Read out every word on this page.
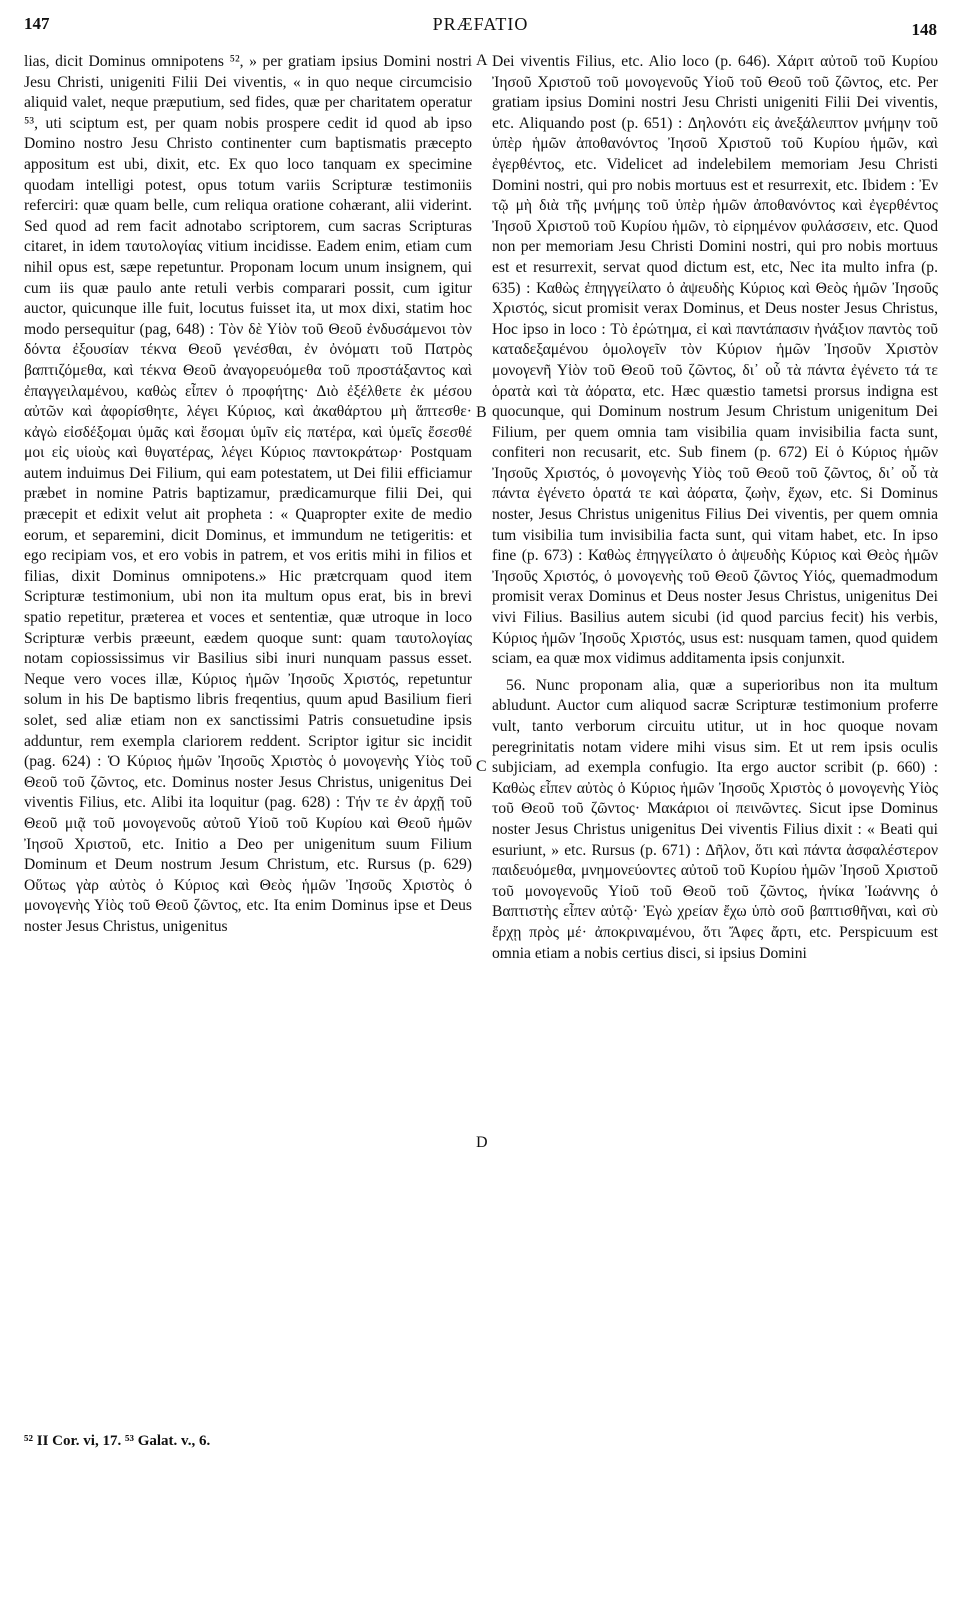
147	PRÆFATIO	148

lias, dicit Dominus omnipotens ⁵², » per gratiam ipsius Domini nostri Jesu Christi, unigeniti Filii Dei viventis, « in quo neque circumcisio aliquid valet, neque præputium, sed fides, quæ per charitatem operatur ⁵³, uti sciptum est, per quam nobis prospere cedit id quod ab ipso Domino nostro Jesu Christo continenter cum baptismatis præcepto appositum est ubi, dixit, etc. Ex quo loco tanquam ex specimine quodam intelligi potest, opus totum variis Scripturæ testimoniis referciri: quæ quam belle, cum reliqua oratione cohærant, alii viderint. Sed quod ad rem facit adnotabo scriptorem, cum sacras Scripturas citaret, in idem ταυτολογίας vitium incidisse. Eadem enim, etiam cum nihil opus est, sæpe repetuntur. Proponam locum unum insignem, qui cum iis quæ paulo ante retuli verbis comparari possit, cum igitur auctor, quicunque ille fuit, locutus fuisset ita, ut mox dixi, statim hoc modo persequitur (pag, 648) : Τὸν δὲ Υἱὸν τοῦ Θεοῦ ἐνδυσάμενοι τὸν δόντα ἐξουσίαν τέκνα Θεοῦ γενέσθαι, ἐν ὀνόματι τοῦ Πατρὸς βαπτιζόμεθα, καὶ τέκνα Θεοῦ ἀναγορευόμεθα τοῦ προστάξαντος καὶ ἐπαγγειλαμένου, καθὼς εἶπεν ὁ προφήτης· Διὸ ἐξέλθετε ἐκ μέσου αὐτῶν καὶ ἀφορίσθητε, λέγει Κύριος, καὶ ἀκαθάρτου μὴ ἅπτεσθε· κἀγὼ εἰσδέξομαι ὑμᾶς καὶ ἔσομαι ὑμῖν εἰς πατέρα, καὶ ὑμεῖς ἔσεσθέ μοι εἰς υἱοὺς καὶ θυγατέρας, λέγει Κύριος παντοκράτωρ· Postquam autem induimus Dei Filium, qui eam potestatem, ut Dei filii efficiamur præbet in nomine Patris baptizamur, prædicamurque filii Dei, qui præcepit et edixit velut ait propheta : « Quapropter exite de medio eorum, et separemini, dicit Dominus, et immundum ne tetigeritis: et ego recipiam vos, et ero vobis in patrem, et vos eritis mihi in filios et filias, dixit Dominus omnipotens.» Hic prætcrquam quod item Scripturæ testimonium, ubi non ita multum opus erat, bis in brevi spatio repetitur, præterea et voces et sententiæ, quæ utroque in loco Scripturæ verbis præeunt, eædem quoque sunt: quam ταυτολογίας notam copiossissimus vir Basilius sibi inuri nunquam passus esset. Neque vero voces illæ, Κύριος ἡμῶν Ἰησοῦς Χριστός, repetuntur solum in his De baptismo libris freqentius, quum apud Basilium fieri solet, sed aliæ etiam non ex sanctissimi Patris consuetudine ipsis adduntur, rem exempla clariorem reddent. Scriptor igitur sic incidit (pag. 624) : Ὁ Κύριος ἡμῶν Ἰησοῦς Χριστὸς ὁ μονογενὴς Υἱὸς τοῦ Θεοῦ τοῦ ζῶντος, etc. Dominus noster Jesus Christus, unigenitus Dei viventis Filius, etc. Alibi ita loquitur (pag. 628) : Τήν τε ἐν ἀρχῇ τοῦ Θεοῦ μιᾷ τοῦ μονογενοῦς αὐτοῦ Υἱοῦ τοῦ Κυρίου καὶ Θεοῦ ἡμῶν Ἰησοῦ Χριστοῦ, etc. Initio a Deo per unigenitum suum Filium Dominum et Deum nostrum Jesum Christum, etc. Rursus (p. 629) Οὕτως γὰρ αὐτὸς ὁ Κύριος καὶ Θεὸς ἡμῶν Ἰησοῦς Χριστὸς ὁ μονογενὴς Υἱὸς τοῦ Θεοῦ ζῶντος, etc. Ita enim Dominus ipse et Deus noster Jesus Christus, unigenitus

A
B
C
D

Dei viventis Filius, etc. Alio loco (p. 646). Χάριτ αὐτοῦ τοῦ Κυρίου Ἰησοῦ Χριστοῦ τοῦ μονογενοῦς Υἱοῦ τοῦ Θεοῦ τοῦ ζῶντος, etc. Per gratiam ipsius Domini nostri Jesu Christi unigeniti Filii Dei viventis, etc. Aliquando post (p. 651) : Δηλονότι εἰς ἀνεξάλειπτον μνήμην τοῦ ὑπὲρ ἡμῶν ἀποθανόντος Ἰησοῦ Χριστοῦ τοῦ Κυρίου ἡμῶν, καὶ ἐγερθέντος, etc. Videlicet ad indelebilem memoriam Jesu Christi Domini nostri, qui pro nobis mortuus est et resurrexit, etc. Ibidem : Ἐν τῷ μὴ διὰ τῆς μνήμης τοῦ ὑπὲρ ἡμῶν ἀποθανόντος καὶ ἐγερθέντος Ἰησοῦ Χριστοῦ τοῦ Κυρίου ἡμῶν, τὸ εἰρημένον φυλάσσειν, etc. Quod non per memoriam Jesu Christi Domini nostri, qui pro nobis mortuus est et resurrexit, servat quod dictum est, etc, Nec ita multo infra (p. 635) : Καθὼς ἐπηγγείλατο ὁ ἀψευδὴς Κύριος καὶ Θεὸς ἡμῶν Ἰησοῦς Χριστός, sicut promisit verax Dominus, et Deus noster Jesus Christus, Hoc ipso in loco : Τὸ ἐρώτημα, εἰ καὶ παντάπασιν ἠνάξιον παντὸς τοῦ καταδεξαμένου ὁμολογεῖν τὸν Κύριον ἡμῶν Ἰησοῦν Χριστὸν μονογενῆ Υἱὸν τοῦ Θεοῦ τοῦ ζῶντος, δι᾽ οὗ τὰ πάντα ἐγένετο τά τε ὁρατὰ καὶ τὰ ἀόρατα, etc. Hæc quæstio tametsi prorsus indigna est quocunque, qui Dominum nostrum Jesum Christum unigenitum Dei Filium, per quem omnia tam visibilia quam invisibilia facta sunt, confiteri non recusarit, etc. Sub finem (p. 672) Εἰ ὁ Κύριος ἡμῶν Ἰησοῦς Χριστός, ὁ μονογενὴς Υἱὸς τοῦ Θεοῦ τοῦ ζῶντος, δι᾽ οὗ τὰ πάντα ἐγένετο ὁρατά τε καὶ ἀόρατα, ζωὴν, ἔχων, etc. Si Dominus noster, Jesus Christus unigenitus Filius Dei viventis, per quem omnia tum visibilia tum invisibilia facta sunt, qui vitam habet, etc. In ipso fine (p. 673) : Καθὼς ἐπηγγείλατο ὁ ἀψευδὴς Κύριος καὶ Θεὸς ἡμῶν Ἰησοῦς Χριστός, ὁ μονογενὴς τοῦ Θεοῦ ζῶντος Υἱός, quemadmodum promisit verax Dominus et Deus noster Jesus Christus, unigenitus Dei vivi Filius. Basilius autem sicubi (id quod parcius fecit) his verbis, Κύριος ἡμῶν Ἰησοῦς Χριστός, usus est: nusquam tamen, quod quidem sciam, ea quæ mox vidimus additamenta ipsis conjunxit.

56. Nunc proponam alia, quæ a superioribus non ita multum abludunt. Auctor cum aliquod sacræ Scripturæ testimonium proferre vult, tanto verborum circuitu utitur, ut in hoc quoque novam peregrinitatis notam videre mihi visus sim. Et ut rem ipsis oculis subjiciam, ad exempla confugio. Ita ergo auctor scribit (p. 660) : Καθὼς εἶπεν αὐτὸς ὁ Κύριος ἡμῶν Ἰησοῦς Χριστὸς ὁ μονογενὴς Υἱὸς τοῦ Θεοῦ τοῦ ζῶντος· Μακάριοι οἱ πεινῶντες. Sicut ipse Dominus noster Jesus Christus unigenitus Dei viventis Filius dixit : « Beati qui esuriunt, » etc. Rursus (p. 671) : Δῆλον, ὅτι καὶ πάντα ἀσφαλέστερον παιδευόμεθα, μνημονεύοντες αὐτοῦ τοῦ Κυρίου ἡμῶν Ἰησοῦ Χριστοῦ τοῦ μονογενοῦς Υἱοῦ τοῦ Θεοῦ τοῦ ζῶντος, ἡνίκα Ἰωάννης ὁ Βαπτιστὴς εἶπεν αὐτῷ· Ἐγὼ χρείαν ἔχω ὑπὸ σοῦ βαπτισθῆναι, καὶ σὺ ἔρχῃ πρὸς μέ· ἀποκριναμένου, ὅτι Ἄφες ἄρτι, etc. Perspicuum est omnia etiam a nobis certius disci, si ipsius Domini

⁵² II Cor. vi, 17. ⁵³ Galat. v., 6.
